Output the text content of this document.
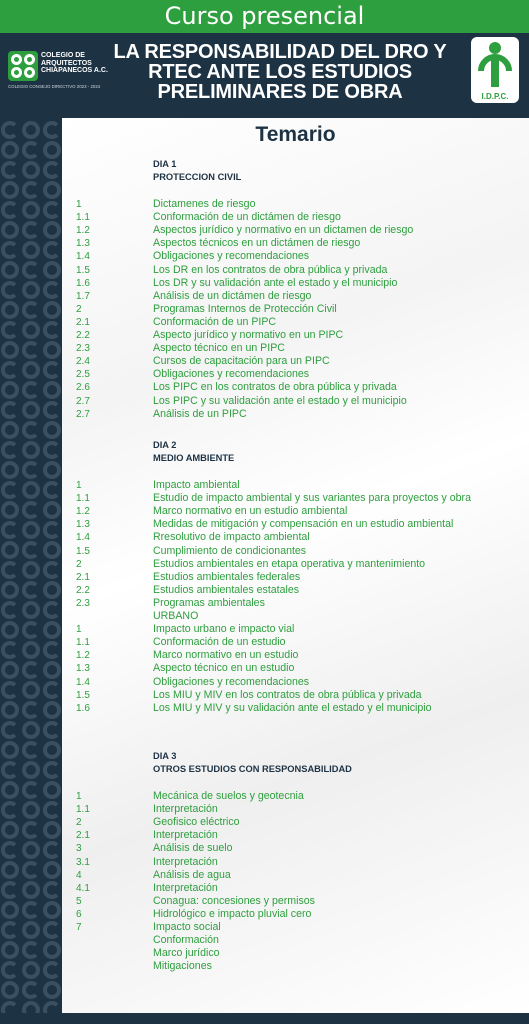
Curso presencial
COLEGIO DE ARQUITECTOS CHIAPANECOS A.C.
COLEGIO CONSEJO DIRECTIVO 2023 - 2024
LA RESPONSABILIDAD DEL DRO Y RTEC ANTE LOS ESTUDIOS PRELIMINARES DE OBRA	I.D.P.C.
Temario
DIA 1
PROTECCION CIVIL
1	Dictamenes de riesgo
1.1	Conformación de un dictámen de riesgo
1.2	Aspectos jurídico y normativo en un dictamen de riesgo
1.3	Aspectos técnicos en un dictámen de riesgo
1.4	Obligaciones y recomendaciones
1.5	Los DR en los contratos de obra pública y privada
1.6	Los DR y su validación ante el estado y el municipio
1.7	Análisis de un dictámen de riesgo
2	Programas Internos de Protección Civil
2.1	Conformación de un PIPC
2.2	Aspecto jurídico y normativo en un PIPC
2.3	Aspecto técnico en un PIPC
2.4	Cursos de capacitación para un PIPC
2.5	Obligaciones y recomendaciones
2.6	Los PIPC en los contratos de obra pública y privada
2.7	Los PIPC y su validación ante el estado y el municipio
2.7	Análisis de un PIPC
DIA 2
MEDIO AMBIENTE
1	Impacto ambiental
1.1	Estudio de impacto ambiental y sus variantes para proyectos y obra
1.2	Marco normativo en un estudio ambiental
1.3	Medidas de mitigación y compensación en un estudio ambiental
1.4	Rresolutivo de impacto ambiental
1.5	Cumplimiento de condicionantes
2	Estudios ambientales en etapa operativa y mantenimiento
2.1	Estudios ambientales federales
2.2	Estudios ambientales estatales
2.3	Programas ambientales
URBANO
1	Impacto urbano e impacto vial
1.1	Conformación de un estudio
1.2	Marco normativo en un estudio
1.3	Aspecto técnico en un estudio
1.4	Obligaciones y recomendaciones
1.5	Los MIU y MIV en los contratos de obra pública y privada
1.6	Los MIU y MIV y su validación ante el estado y el municipio
DIA 3
OTROS ESTUDIOS CON RESPONSABILIDAD
1	Mecánica de suelos y geotecnia
1.1	Interpretación
2	Geofisico eléctrico
2.1	Interpretación
3	Análisis de suelo
3.1	Interpretación
4	Análisis de agua
4.1	Interpretación
5	Conagua: concesiones y permisos
6	Hidrológico e impacto pluvial cero
7	Impacto social
Conformación
Marco jurídico
Mitigaciones
